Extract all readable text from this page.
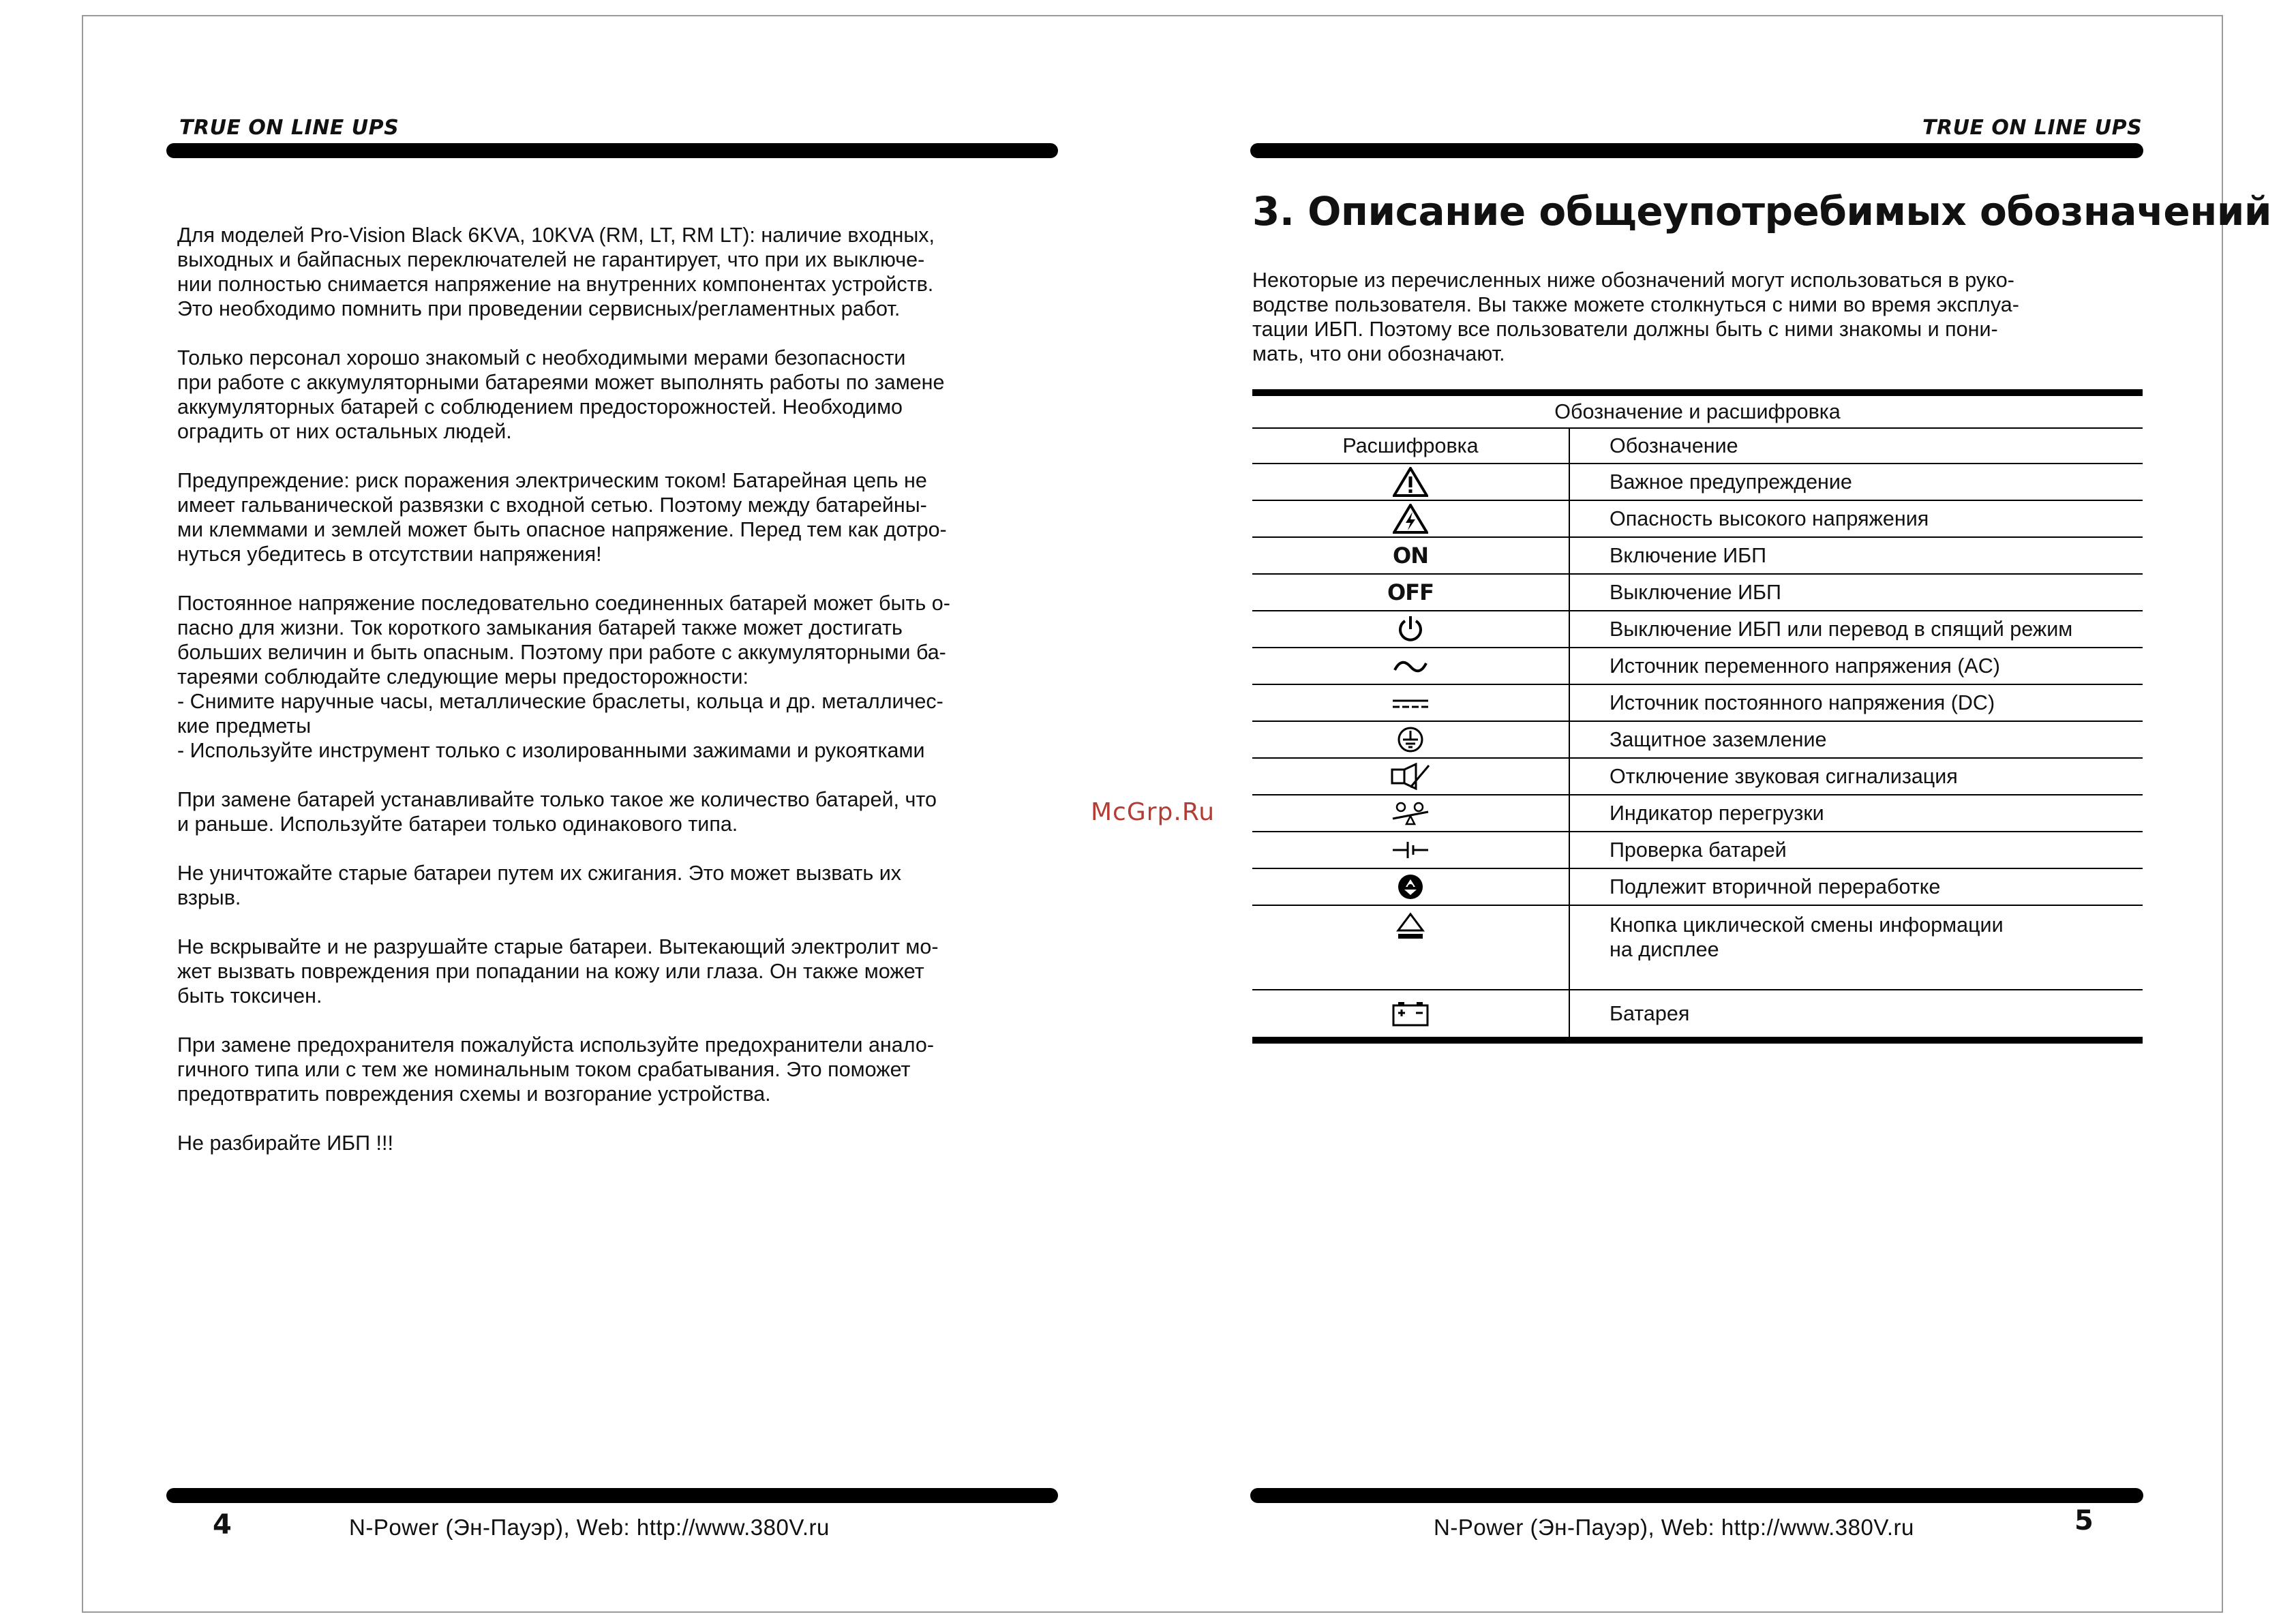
TRUE ON LINE UPS	TRUE ON LINE UPS

Для моделей Pro-Vision Black 6KVA, 10KVA (RM, LT, RM LT): наличие входных,
выходных и байпасных переключателей не гарантирует, что при их выключе-
нии полностью снимается напряжение на внутренних компонентах устройств.
Это необходимо помнить при проведении сервисных/регламентных работ.

Только персонал хорошо знакомый с необходимыми мерами безопасности
при работе с аккумуляторными батареями может выполнять работы по замене
аккумуляторных батарей с соблюдением предосторожностей. Необходимо
оградить от них остальных людей.

Предупреждение: риск поражения электрическим током! Батарейная цепь не
имеет гальванической развязки с входной сетью. Поэтому между батарейны-
ми клеммами и землей может быть опасное напряжение. Перед тем как дотро-
нуться убедитесь в отсутствии напряжения!

Постоянное напряжение последовательно соединенных батарей может быть о-
пасно для жизни. Ток короткого замыкания батарей также может достигать
больших величин и быть опасным. Поэтому при работе с аккумуляторными ба-
тареями соблюдайте следующие меры предосторожности:
- Снимите наручные часы, металлические браслеты, кольца и др. металличес-
кие предметы
- Используйте инструмент только с изолированными зажимами и рукоятками

При замене батарей устанавливайте только такое же количество батарей, что
и раньше. Используйте батареи только одинакового типа.

Не уничтожайте старые батареи путем их сжигания. Это может вызвать их
взрыв.

Не вскрывайте и не разрушайте старые батареи. Вытекающий электролит мо-
жет вызвать повреждения при попадании на кожу или глаза. Он также может
быть токсичен.

При замене предохранителя пожалуйста используйте предохранители анало-
гичного типа или с тем же номинальным током срабатывания. Это поможет
предотвратить повреждения схемы и возгорание устройства.

Не разбирайте ИБП !!!

McGrp.Ru
3. Описание общеупотребимых обозначений

Некоторые из перечисленных ниже обозначений могут использоваться в руко-
водстве пользователя. Вы также можете столкнуться с ними во время эксплуа-
тации ИБП. Поэтому все пользователи должны быть с ними знакомы и пони-
мать, что они обозначают.

Обозначение и расшифровка	
Расшифровка	Обозначение
	Важное предупреждение
	Опасность высокого напряжения
ON	Включение ИБП
OFF	Выключение ИБП
	Выключение ИБП или перевод в спящий режим
	Источник переменного напряжения (AC)
	Источник постоянного напряжения (DC)
	Защитное заземление
	Отключение звуковая сигнализация
	Индикатор перегрузки
	Проверка батарей
	Подлежит вторичной переработке
	Кнопка циклической смены информации
на дисплее
	Батарея
4	N-Power (Эн-Пауэр), Web: http://www.380V.ru	N-Power (Эн-Пауэр), Web: http://www.380V.ru	5
